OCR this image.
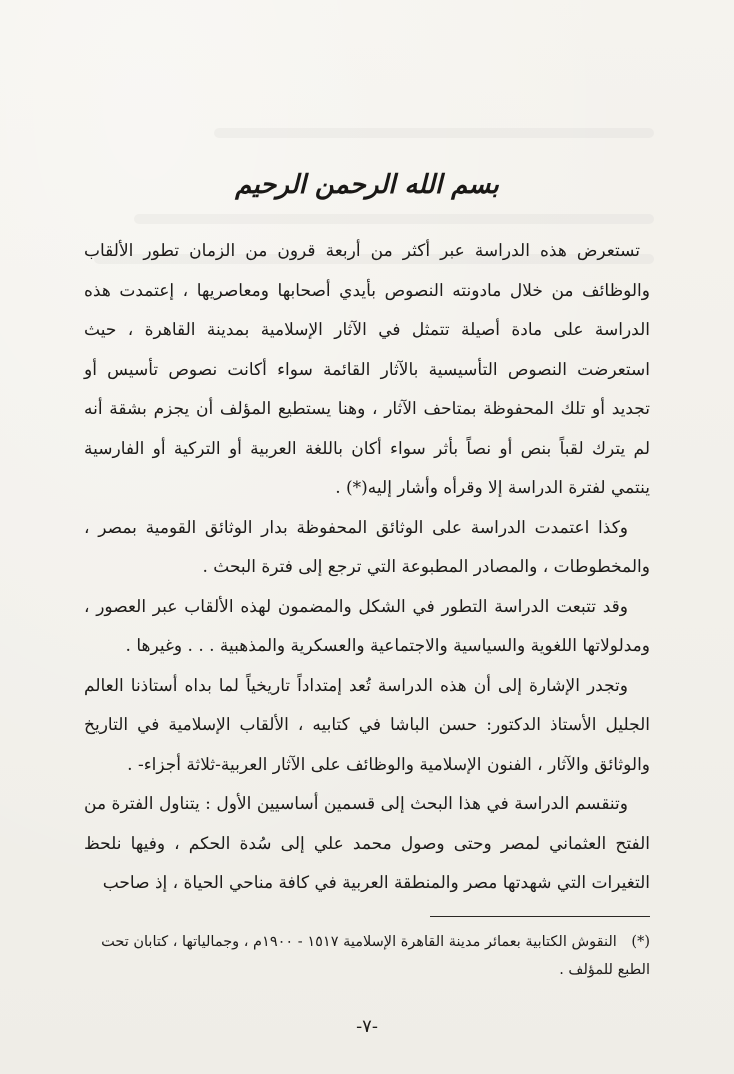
بسم الله الرحمن الرحيم

تستعرض هذه الدراسة عبر أكثر من أربعة قرون من الزمان تطور الألقاب والوظائف من خلال مادونته النصوص بأيدي أصحابها ومعاصريها ، إعتمدت هذه الدراسة على مادة أصيلة تتمثل في الآثار الإسلامية بمدينة القاهرة ، حيث استعرضت النصوص التأسيسية بالآثار القائمة سواء أكانت نصوص تأسيس أو تجديد أو تلك المحفوظة بمتاحف الآثار ، وهنا يستطيع المؤلف أن يجزم بشقة أنه لم يترك لقباً بنص أو نصاً بأثر سواء أكان باللغة العربية أو التركية أو الفارسية ينتمي لفترة الدراسة إلا وقرأه وأشار إليه(*) .

وكذا اعتمدت الدراسة على الوثائق المحفوظة بدار الوثائق القومية بمصر ، والمخطوطات ، والمصادر المطبوعة التي ترجع إلى فترة البحث .

وقد تتبعت الدراسة التطور في الشكل والمضمون لهذه الألقاب عبر العصور ، ومدلولاتها اللغوية والسياسية والاجتماعية والعسكرية والمذهبية . . . وغيرها .

وتجدر الإشارة إلى أن هذه الدراسة تُعد إمتداداً تاريخياً لما بداه أستاذنا العالم الجليل الأستاذ الدكتور: حسن الباشا في كتابيه ، الألقاب الإسلامية في التاريخ والوثائق والآثار ، الفنون الإسلامية والوظائف على الآثار العربية-ثلاثة أجزاء- .

وتنقسم الدراسة في هذا البحث إلى قسمين أساسيين الأول : يتناول الفترة من الفتح العثماني لمصر وحتى وصول محمد علي إلى سُدة الحكم ، وفيها نلحظ التغيرات التي شهدتها مصر والمنطقة العربية في كافة مناحي الحياة ، إذ صاحب

(*) النقوش الكتابية بعمائر مدينة القاهرة الإسلامية ١٥١٧ - ١٩٠٠م ، وجمالياتها ، كتابان تحت الطبع للمؤلف .
-٧-
